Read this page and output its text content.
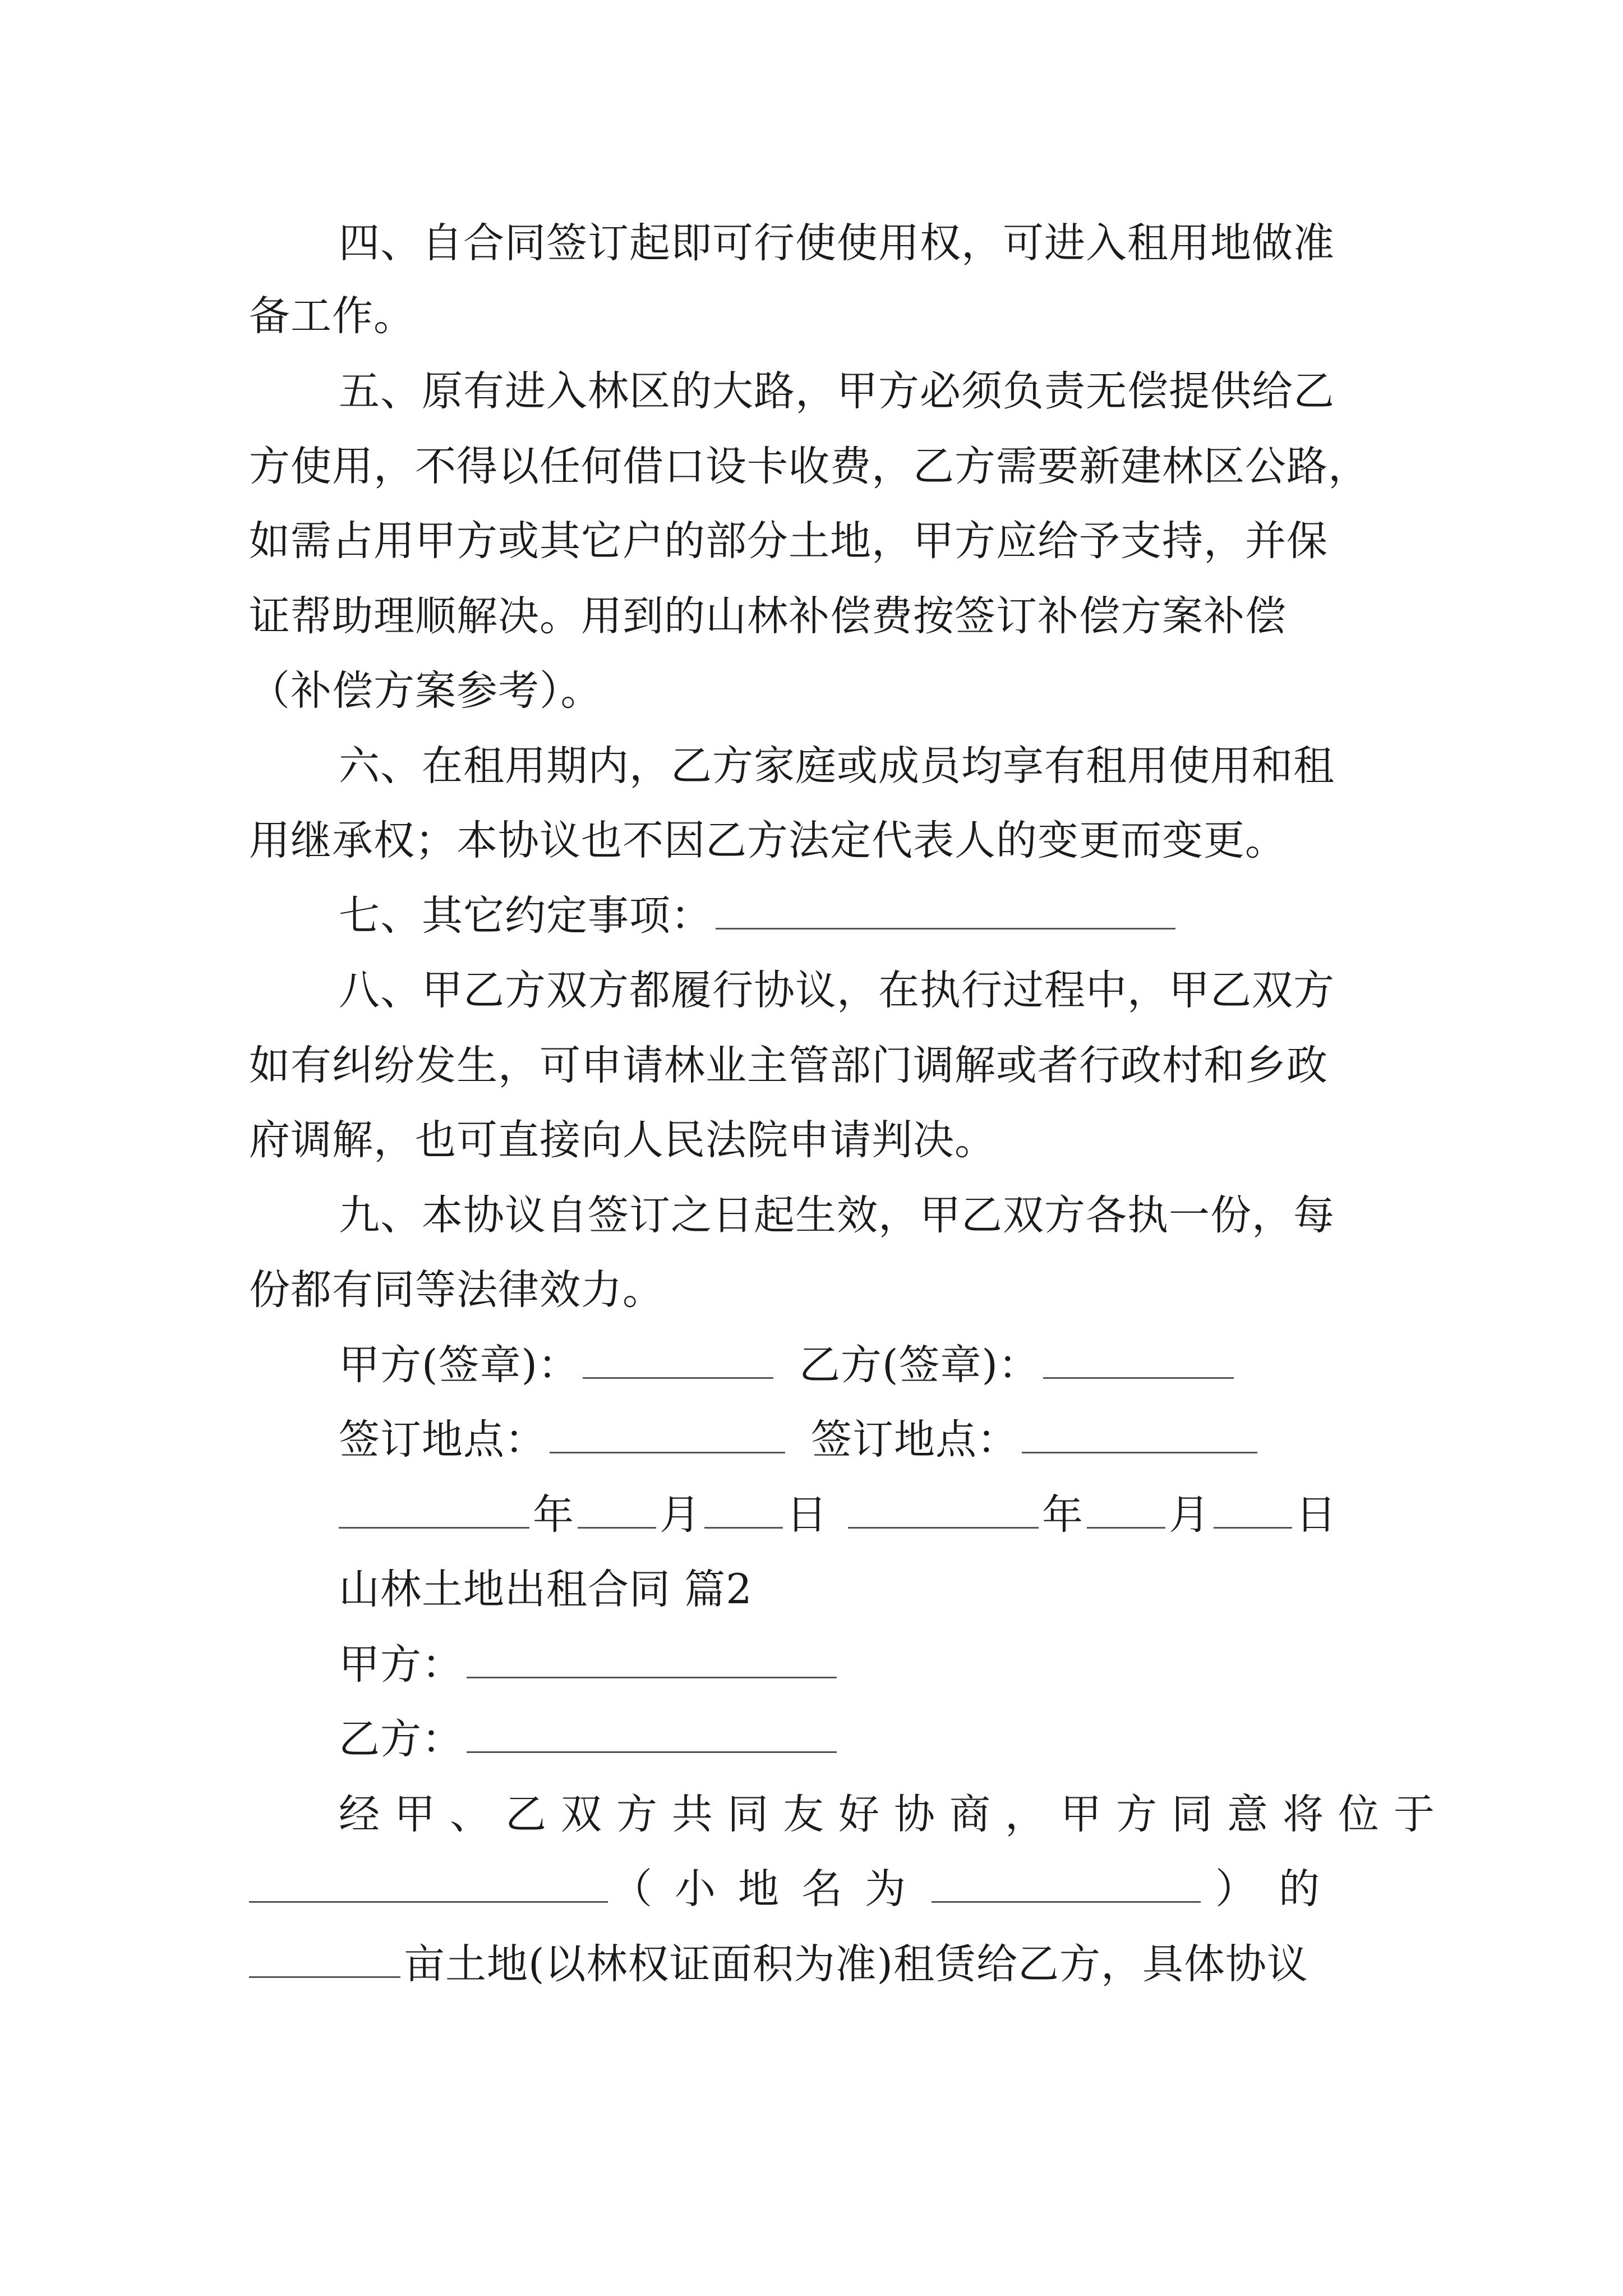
四、自合同签订起即可行使使用权，可进入租用地做准
备工作。
五、原有进入林区的大路，甲方必须负责无偿提供给乙
方使用，不得以任何借口设卡收费，乙方需要新建林区公路，
如需占用甲方或其它户的部分土地，甲方应给予支持，并保
证帮助理顺解决。用到的山林补偿费按签订补偿方案补偿
（补偿方案参考）。
六、在租用期内，乙方家庭或成员均享有租用使用和租
用继承权；本协议也不因乙方法定代表人的变更而变更。
七、其它约定事项：
八、甲乙方双方都履行协议，在执行过程中，甲乙双方
如有纠纷发生，可申请林业主管部门调解或者行政村和乡政
府调解，也可直接向人民法院申请判决。
九、本协议自签订之日起生效，甲乙双方各执一份，每
份都有同等法律效力。
甲方(签章)：	乙方(签章)：
签订地点：	签订地点：
年 月 日	年 月 日
山林土地出租合同 篇2
甲方：
乙方：
经甲、乙双方共同友好协商，甲方同意将位于
（小地名为	）的
亩土地(以林权证面积为准)租赁给乙方，具体协议
